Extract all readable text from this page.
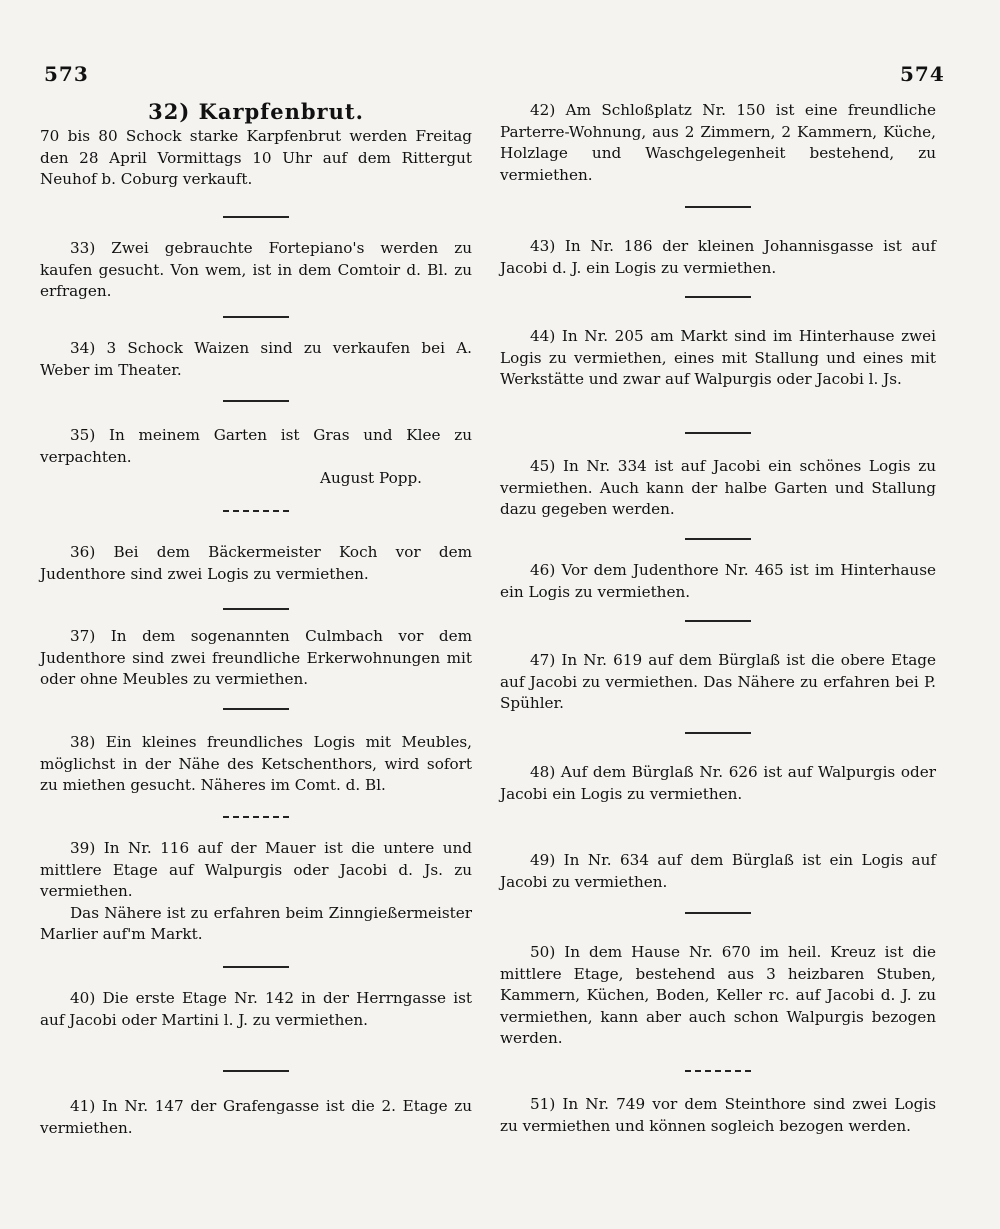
573	574

32) Karpfenbrut.

70 bis 80 Schock starke Karpfenbrut werden Freitag den 28 April Vormittags 10 Uhr auf dem Rittergut Neuhof b. Coburg verkauft.

33) Zwei gebrauchte Fortepiano's werden zu kaufen gesucht. Von wem, ist in dem Comtoir d. Bl. zu erfragen.

34) 3 Schock Waizen sind zu verkaufen bei A. Weber im Theater.

35) In meinem Garten ist Gras und Klee zu verpachten.

August Popp.

36) Bei dem Bäckermeister Koch vor dem Judenthore sind zwei Logis zu vermiethen.

37) In dem sogenannten Culmbach vor dem Judenthore sind zwei freundliche Erkerwohnungen mit oder ohne Meubles zu vermiethen.

38) Ein kleines freundliches Logis mit Meubles, möglichst in der Nähe des Ketschenthors, wird sofort zu miethen gesucht. Näheres im Comt. d. Bl.

39) In Nr. 116 auf der Mauer ist die untere und mittlere Etage auf Walpurgis oder Jacobi d. Js. zu vermiethen.

Das Nähere ist zu erfahren beim Zinngießermeister Marlier auf'm Markt.

40) Die erste Etage Nr. 142 in der Herrngasse ist auf Jacobi oder Martini l. J. zu vermiethen.

41) In Nr. 147 der Grafengasse ist die 2. Etage zu vermiethen.

42) Am Schloßplatz Nr. 150 ist eine freundliche Parterre-Wohnung, aus 2 Zimmern, 2 Kammern, Küche, Holzlage und Waschgelegenheit bestehend, zu vermiethen.

43) In Nr. 186 der kleinen Johannisgasse ist auf Jacobi d. J. ein Logis zu vermiethen.

44) In Nr. 205 am Markt sind im Hinterhause zwei Logis zu vermiethen, eines mit Stallung und eines mit Werkstätte und zwar auf Walpurgis oder Jacobi l. Js.

45) In Nr. 334 ist auf Jacobi ein schönes Logis zu vermiethen. Auch kann der halbe Garten und Stallung dazu gegeben werden.

46) Vor dem Judenthore Nr. 465 ist im Hinterhause ein Logis zu vermiethen.

47) In Nr. 619 auf dem Bürglaß ist die obere Etage auf Jacobi zu vermiethen. Das Nähere zu erfahren bei P. Spühler.

48) Auf dem Bürglaß Nr. 626 ist auf Walpurgis oder Jacobi ein Logis zu vermiethen.

49) In Nr. 634 auf dem Bürglaß ist ein Logis auf Jacobi zu vermiethen.

50) In dem Hause Nr. 670 im heil. Kreuz ist die mittlere Etage, bestehend aus 3 heizbaren Stuben, Kammern, Küchen, Boden, Keller rc. auf Jacobi d. J. zu vermiethen, kann aber auch schon Walpurgis bezogen werden.

51) In Nr. 749 vor dem Steinthore sind zwei Logis zu vermiethen und können sogleich bezogen werden.
